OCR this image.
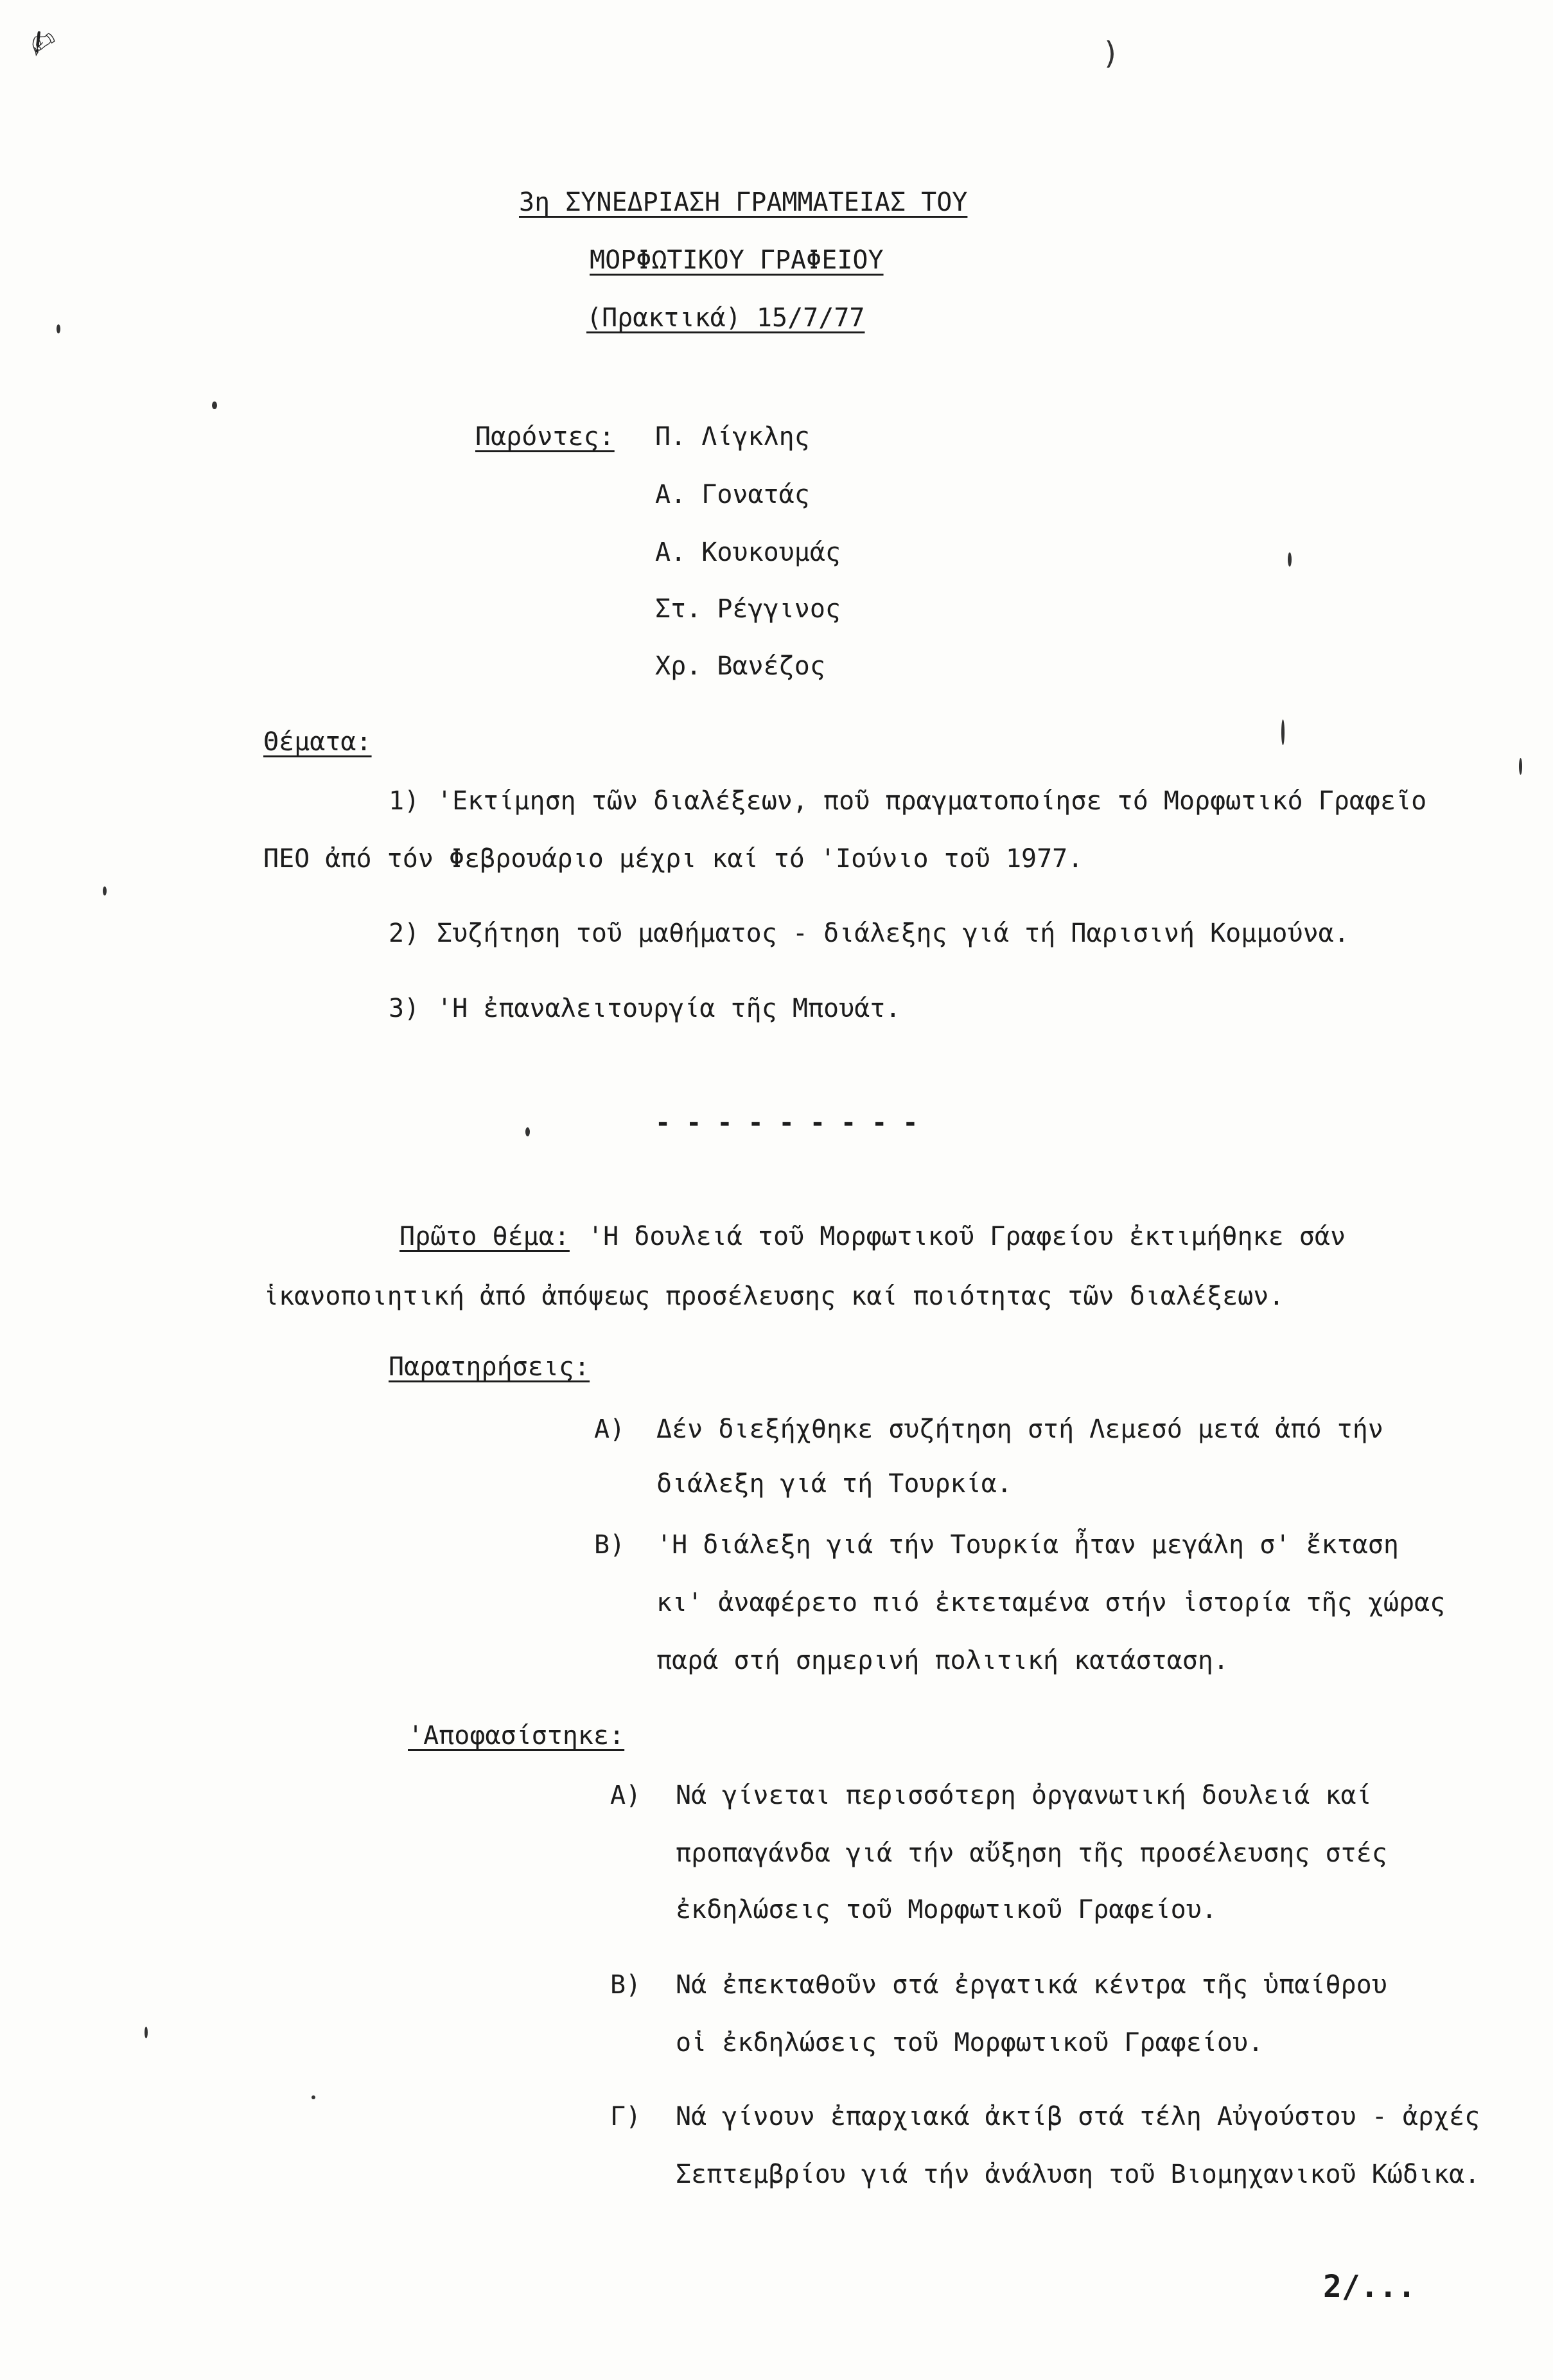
✍	)
3η ΣΥΝΕΔΡΙΑΣΗ ΓΡΑΜΜΑΤΕΙΑΣ ΤΟΥ
ΜΟΡΦΩΤΙΚΟΥ ΓΡΑΦΕΙΟΥ
(Πρακτικά) 15/7/77
Παρόντες: Π. Λίγκλης
Α. Γονατάς
Α. Κουκουμάς
Στ. Ρέγγινος
Χρ. Βανέζος
Θέματα:
1) 'Εκτίμηση τῶν διαλέξεων, ποῦ πραγματοποίησε τό Μορφωτικό Γραφεῖο
ΠΕΟ ἀπό τόν Φεβρουάριο μέχρι καί τό 'Ιούνιο τοῦ 1977.
2) Συζήτηση τοῦ μαθήματος - διάλεξης γιά τή Παρισινή Κομμούνα.
3) 'Η ἐπαναλειτουργία τῆς Μπουάτ.
- - - - - - - - -
Πρῶτο θέμα: 'Η δουλειά τοῦ Μορφωτικοῦ Γραφείου ἐκτιμήθηκε σάν
ἱκανοποιητική ἀπό ἀπόψεως προσέλευσης καί ποιότητας τῶν διαλέξεων.
Παρατηρήσεις:
Α) Δέν διεξήχθηκε συζήτηση στή Λεμεσό μετά ἀπό τήν
διάλεξη γιά τή Τουρκία.
Β) 'Η διάλεξη γιά τήν Τουρκία ἦταν μεγάλη σ' ἔκταση
κι' ἀναφέρετο πιό ἐκτεταμένα στήν ἱστορία τῆς χώρας
παρά στή σημερινή πολιτική κατάσταση.
'Αποφασίστηκε:
Α) Νά γίνεται περισσότερη ὀργανωτική δουλειά καί
προπαγάνδα γιά τήν αὔξηση τῆς προσέλευσης στές
ἐκδηλώσεις τοῦ Μορφωτικοῦ Γραφείου.
Β) Νά ἐπεκταθοῦν στά ἐργατικά κέντρα τῆς ὑπαίθρου
οἱ ἐκδηλώσεις τοῦ Μορφωτικοῦ Γραφείου.
Γ) Νά γίνουν ἐπαρχιακά ἀκτίβ στά τέλη Αὐγούστου - ἀρχές
Σεπτεμβρίου γιά τήν ἀνάλυση τοῦ Βιομηχανικοῦ Κώδικα.
2/...
